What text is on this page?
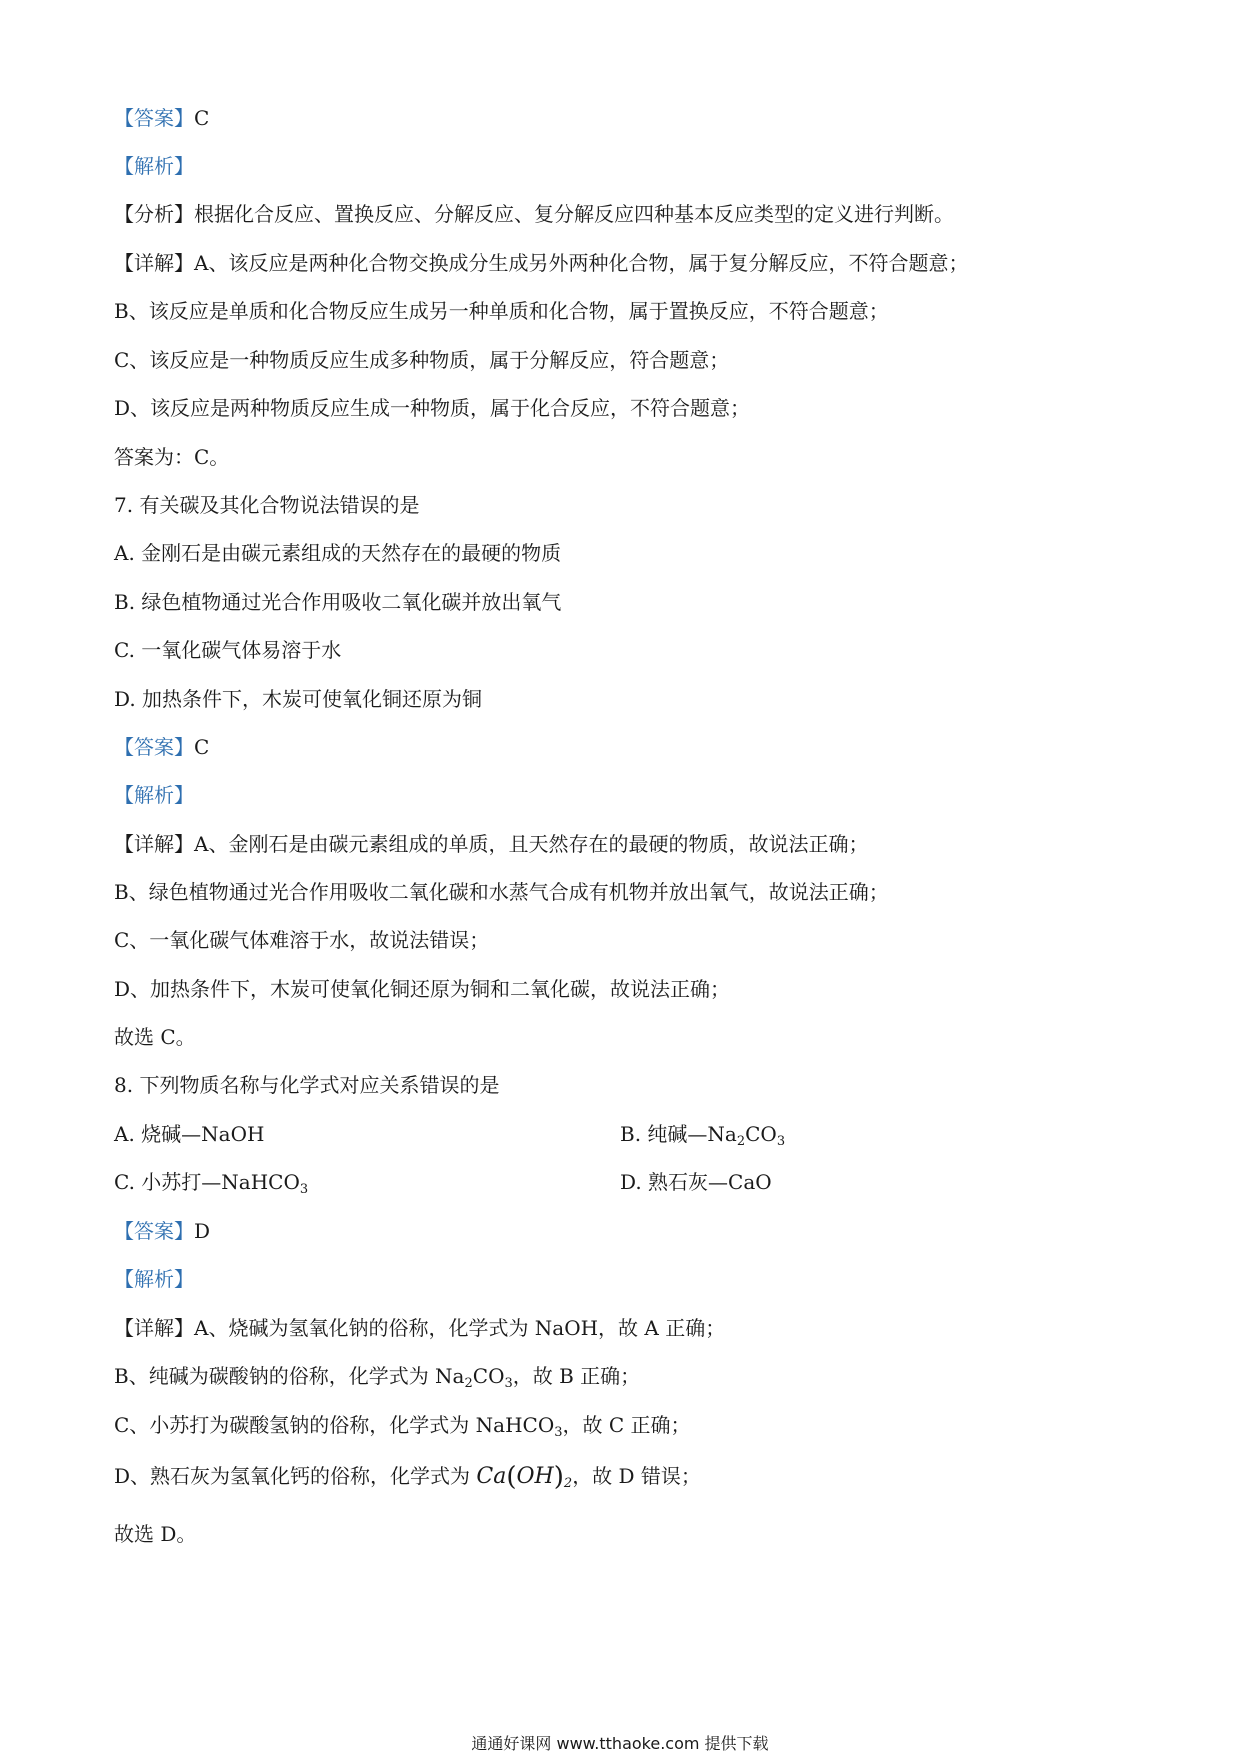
【答案】C
【解析】
【分析】根据化合反应、置换反应、分解反应、复分解反应四种基本反应类型的定义进行判断。
【详解】A、该反应是两种化合物交换成分生成另外两种化合物，属于复分解反应，不符合题意；
B、该反应是单质和化合物反应生成另一种单质和化合物，属于置换反应，不符合题意；
C、该反应是一种物质反应生成多种物质，属于分解反应，符合题意；
D、该反应是两种物质反应生成一种物质，属于化合反应，不符合题意；
答案为：C。
7. 有关碳及其化合物说法错误的是
A. 金刚石是由碳元素组成的天然存在的最硬的物质
B. 绿色植物通过光合作用吸收二氧化碳并放出氧气
C. 一氧化碳气体易溶于水
D. 加热条件下，木炭可使氧化铜还原为铜
【答案】C
【解析】
【详解】A、金刚石是由碳元素组成的单质，且天然存在的最硬的物质，故说法正确；
B、绿色植物通过光合作用吸收二氧化碳和水蒸气合成有机物并放出氧气，故说法正确；
C、一氧化碳气体难溶于水，故说法错误；
D、加热条件下，木炭可使氧化铜还原为铜和二氧化碳，故说法正确；
故选 C。
8. 下列物质名称与化学式对应关系错误的是
A. 烧碱—NaOH	B. 纯碱$—Na_2CO_3$
C. 小苏打—NaHCO$_3$	D. 熟石灰—CaO
【答案】D
【解析】
【详解】A、烧碱为氢氧化钠的俗称，化学式为 NaOH，故 A 正确；
B、纯碱为碳酸钠的俗称，化学式为 $Na_2CO_3$，故 B 正确；
C、小苏打为碳酸氢钠的俗称，化学式为 NaHCO$_3$，故 C 正确；
D、熟石灰为氢氧化钙的俗称，化学式为 $Ca(OH)_2$，故 D 错误；
故选 D。
通通好课网 www.tthaoke.com 提供下载
